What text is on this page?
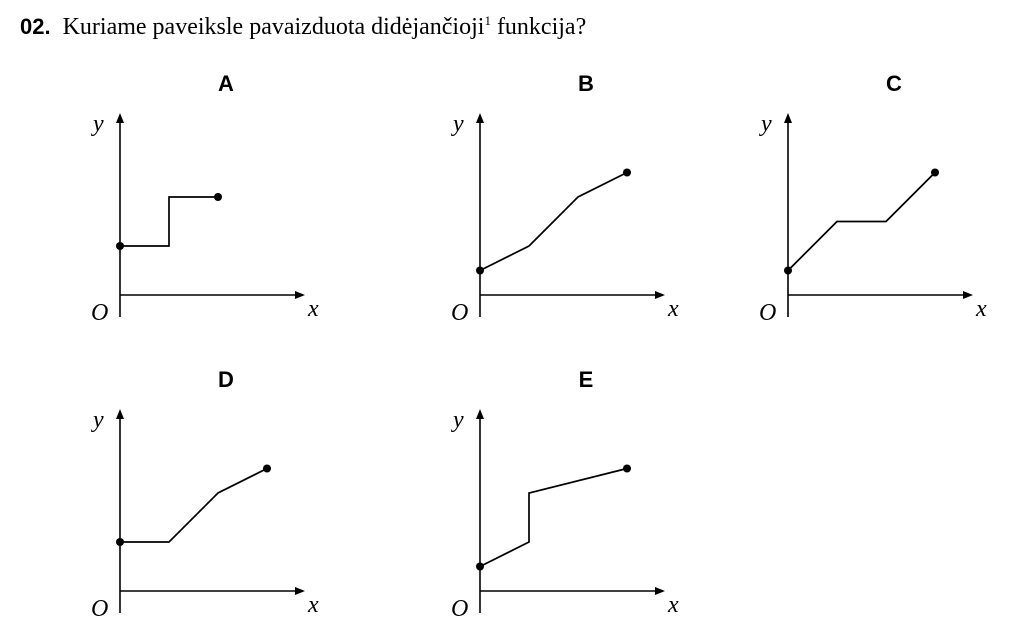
02. Kuriame paveiksle pavaizduota didėjančioji$^1$ funkcija?
A
y
x
O
B
y
x
O
C
y
x
O
D
y
x
O
E
y
x
O
